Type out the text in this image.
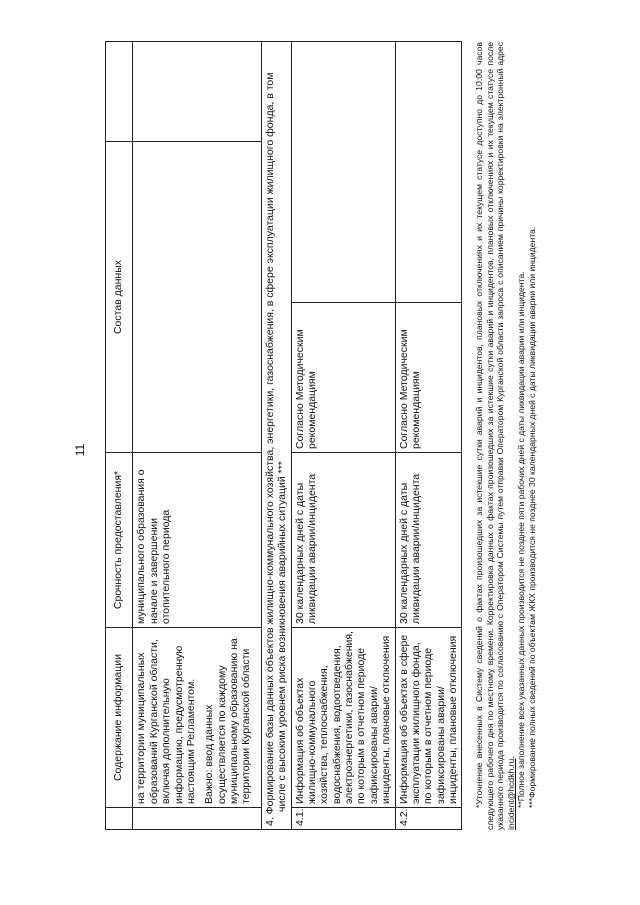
11
	Содержание информации	Срочность предоставления*	Состав данных		

	на территории муниципальных образований Курганской области, включая дополнительную информацию, предусмотренную настоящим Регламентом. Важно: ввод данных осуществляется по каждому муниципальному образованию на территории Курганской области	муниципального образования о начале и завершении отопительного периода			

4. Формирование базы данных объектов жилищно-коммунального хозяйства, энергетики, газоснабжения, в сфере эксплуатации жилищного фонда, в том числе с высоким уровнем риска возникновения аварийных ситуаций ***					

4.1.	Информация об объектах жилищно-коммунального хозяйства, теплоснабжения, водоснабжения, водоотведения, электроэнергетики, газоснабжения, по которым в отчетном периоде зафиксированы аварии/инциденты, плановые отключения	30 календарных дней с даты ликвидации аварии/инцидента	Согласно Методическим рекомендациям		
4.2.	Информация об объектах в сфере эксплуатации жилищного фонда, по которым в отчетном периоде зафиксированы аварии/инциденты, плановые отключения	30 календарных дней с даты ликвидации аварии/инцидента	Согласно Методическим рекомендациям			*Уточнение внесенных в Систему сведений о фактах произошедших за истекшие сутки аварий и инцидентов, плановых отключениях и их текущем статусе доступно до 10:00 часов следующего рабочего дня по местному времени. Корректировка данных о фактах произошедших за истекшие сутки аварий и инцидентов, плановых отключениях и их текущем статусе после указанного периода производится по согласованию с Оператором Системы путем отправки Оператором Курганской области запроса с описанием причины корректировки на электронный адрес incident@hcdkh.ru. **Полное заполнение всех указанных данных производится не позднее пяти рабочих дней с даты ликвидации аварии или инцидента. ***Формирование полных сведений по объектам ЖКХ производится не позднее 30 календарных дней с даты ликвидации аварии или инцидента.
